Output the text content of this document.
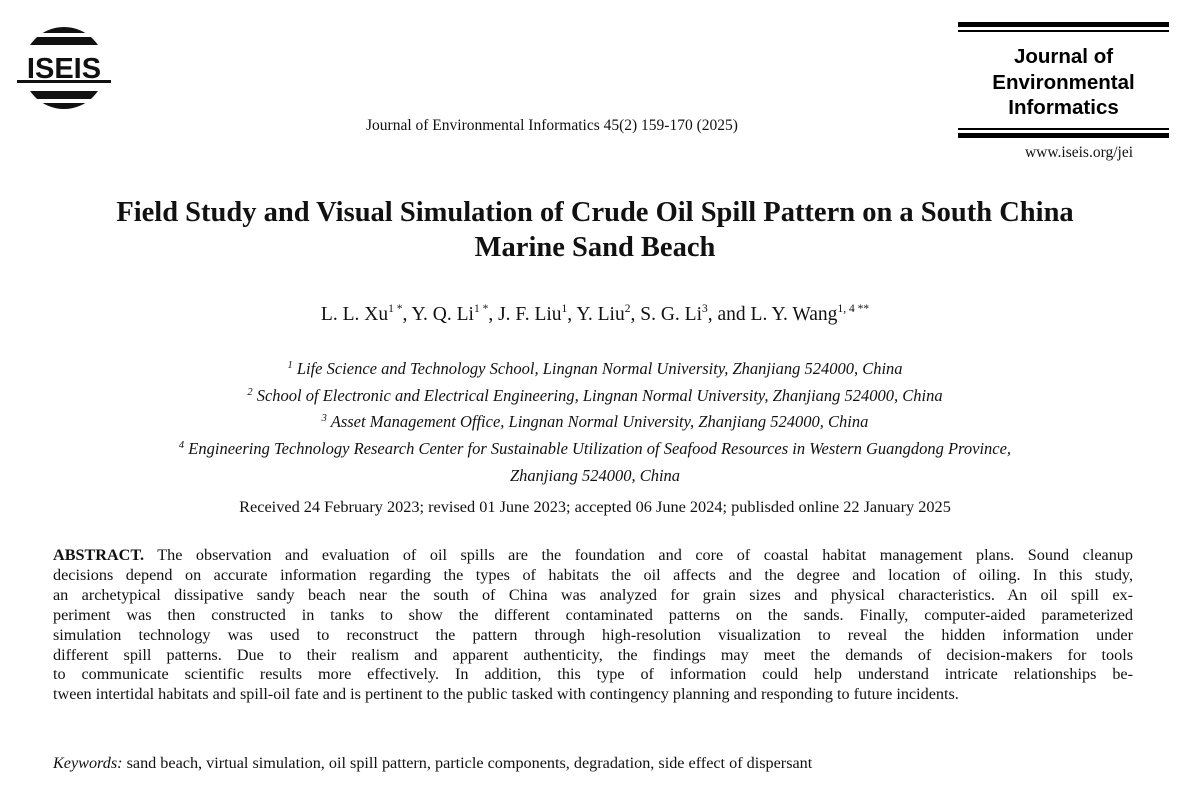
ISEIS
Journal of Environmental Informatics 45(2) 159-170 (2025)
Journal of
Environmental
Informatics
www.iseis.org/jei
Field Study and Visual Simulation of Crude Oil Spill Pattern on a South China
Marine Sand Beach
L. L. $Xu^{1 *}$, Y. Q. $Li^{1 *}$, J. F. Liu$^1$, Y. Liu$^2$, S. G. Li$^3$, and L. Y. Wang$^{1, 4 **}$
$^1$ Life Science and Technology School, Lingnan Normal University, Zhanjiang 524000, China
$^2$ School of Electronic and Electrical Engineering, Lingnan Normal University, Zhanjiang 524000, China
$^3$ Asset Management Office, Lingnan Normal University, Zhanjiang 524000, China
$^4$ Engineering Technology Research Center for Sustainable Utilization of Seafood Resources in Western Guangdong Province,
Zhanjiang 524000, China
Received 24 February 2023; revised 01 June 2023; accepted 06 June 2024; publisded online 22 January 2025
ABSTRACT. The observation and evaluation of oil spills are the foundation and core of coastal habitat management plans. Sound cleanup
decisions depend on accurate information regarding the types of habitats the oil affects and the degree and location of oiling. In this study,
an archetypical dissipative sandy beach near the south of China was analyzed for grain sizes and physical characteristics. An oil spill ex-
periment was then constructed in tanks to show the different contaminated patterns on the sands. Finally, computer-aided parameterized
simulation technology was used to reconstruct the pattern through high-resolution visualization to reveal the hidden information under
different spill patterns. Due to their realism and apparent authenticity, the findings may meet the demands of decision-makers for tools
to communicate scientific results more effectively. In addition, this type of information could help understand intricate relationships be-
tween intertidal habitats and spill-oil fate and is pertinent to the public tasked with contingency planning and responding to future incidents.
Keywords: sand beach, virtual simulation, oil spill pattern, particle components, degradation, side effect of dispersant
